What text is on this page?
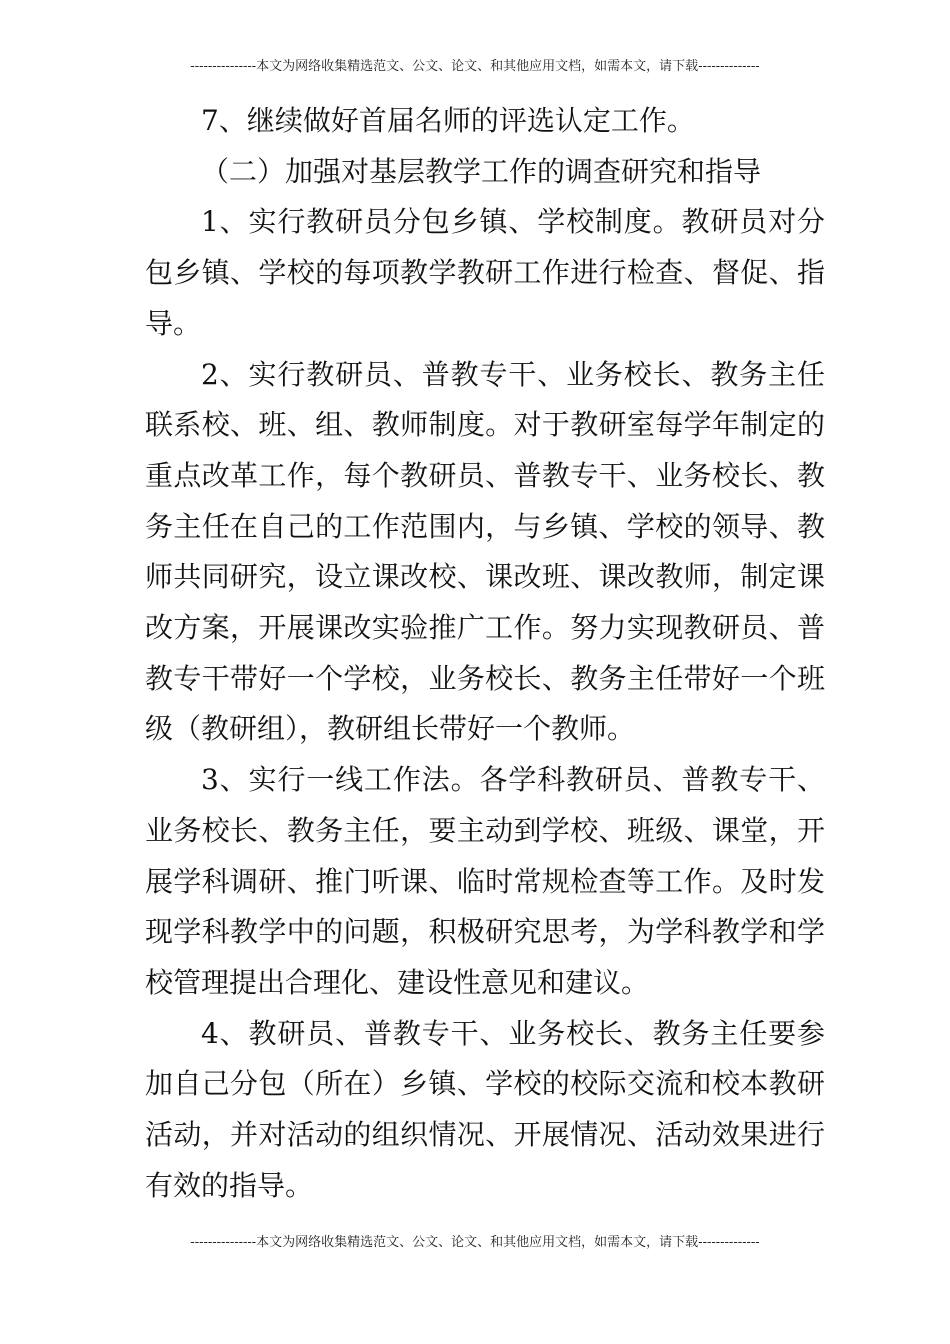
---------------本文为网络收集精选范文、公文、论文、和其他应用文档，如需本文，请下载--------------

7、继续做好首届名师的评选认定工作。

（二）加强对基层教学工作的调查研究和指导

1、实行教研员分包乡镇、学校制度。教研员对分包乡镇、学校的每项教学教研工作进行检查、督促、指导。

2、实行教研员、普教专干、业务校长、教务主任联系校、班、组、教师制度。对于教研室每学年制定的重点改革工作，每个教研员、普教专干、业务校长、教务主任在自己的工作范围内，与乡镇、学校的领导、教师共同研究，设立课改校、课改班、课改教师，制定课改方案，开展课改实验推广工作。努力实现教研员、普教专干带好一个学校，业务校长、教务主任带好一个班级（教研组），教研组长带好一个教师。

3、实行一线工作法。各学科教研员、普教专干、业务校长、教务主任，要主动到学校、班级、课堂，开展学科调研、推门听课、临时常规检查等工作。及时发现学科教学中的问题，积极研究思考，为学科教学和学校管理提出合理化、建设性意见和建议。

4、教研员、普教专干、业务校长、教务主任要参加自己分包（所在）乡镇、学校的校际交流和校本教研活动，并对活动的组织情况、开展情况、活动效果进行有效的指导。

---------------本文为网络收集精选范文、公文、论文、和其他应用文档，如需本文，请下载--------------
